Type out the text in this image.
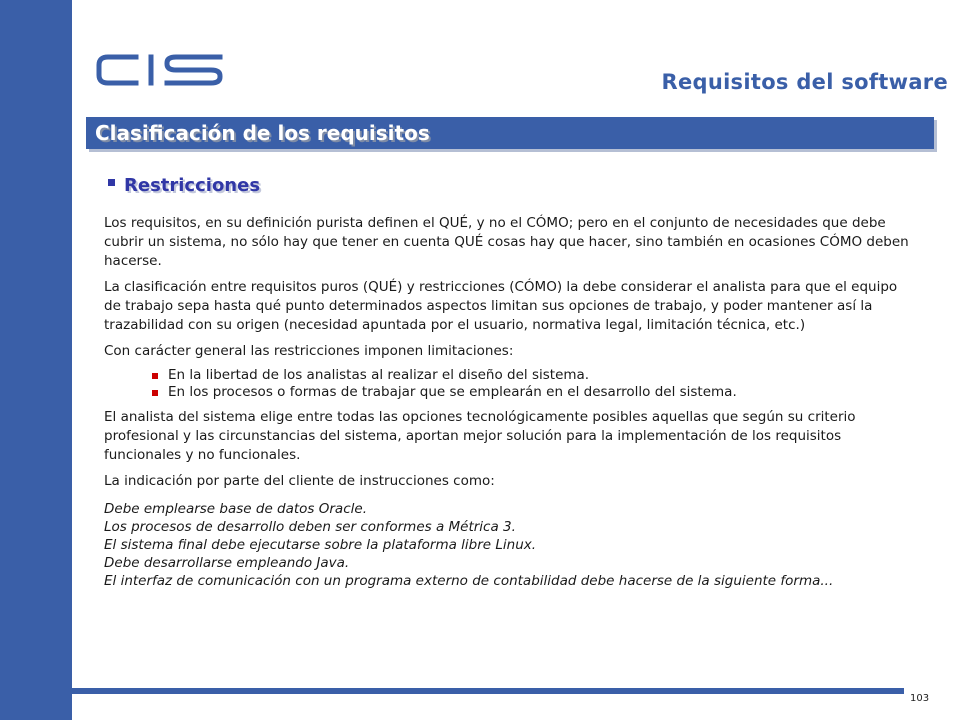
Requisitos del software
Clasificación de los requisitos
Restricciones

Los requisitos, en su definición purista definen el QUÉ, y no el CÓMO; pero en el conjunto de necesidades que debe cubrir un sistema, no sólo hay que tener en cuenta QUÉ cosas hay que hacer, sino también en ocasiones CÓMO deben hacerse.

La clasificación entre requisitos puros (QUÉ) y restricciones (CÓMO) la debe considerar el analista para que el equipo de trabajo sepa hasta qué punto determinados aspectos limitan sus opciones de trabajo, y poder mantener así la trazabilidad con su origen (necesidad apuntada por el usuario, normativa legal, limitación técnica, etc.)

Con carácter general las restricciones imponen limitaciones:

En la libertad de los analistas al realizar el diseño del sistema.
En los procesos o formas de trabajar que se emplearán en el desarrollo del sistema.

El analista del sistema elige entre todas las opciones tecnológicamente posibles aquellas que según su criterio profesional y las circunstancias del sistema, aportan mejor solución para la implementación de los requisitos funcionales y no funcionales.

La indicación por parte del cliente de instrucciones como:

Debe emplearse base de datos Oracle.
Los procesos de desarrollo deben ser conformes a Métrica 3.
El sistema final debe ejecutarse sobre la plataforma libre Linux.
Debe desarrollarse empleando Java.
El interfaz de comunicación con un programa externo de contabilidad debe hacerse de la siguiente forma...
103
